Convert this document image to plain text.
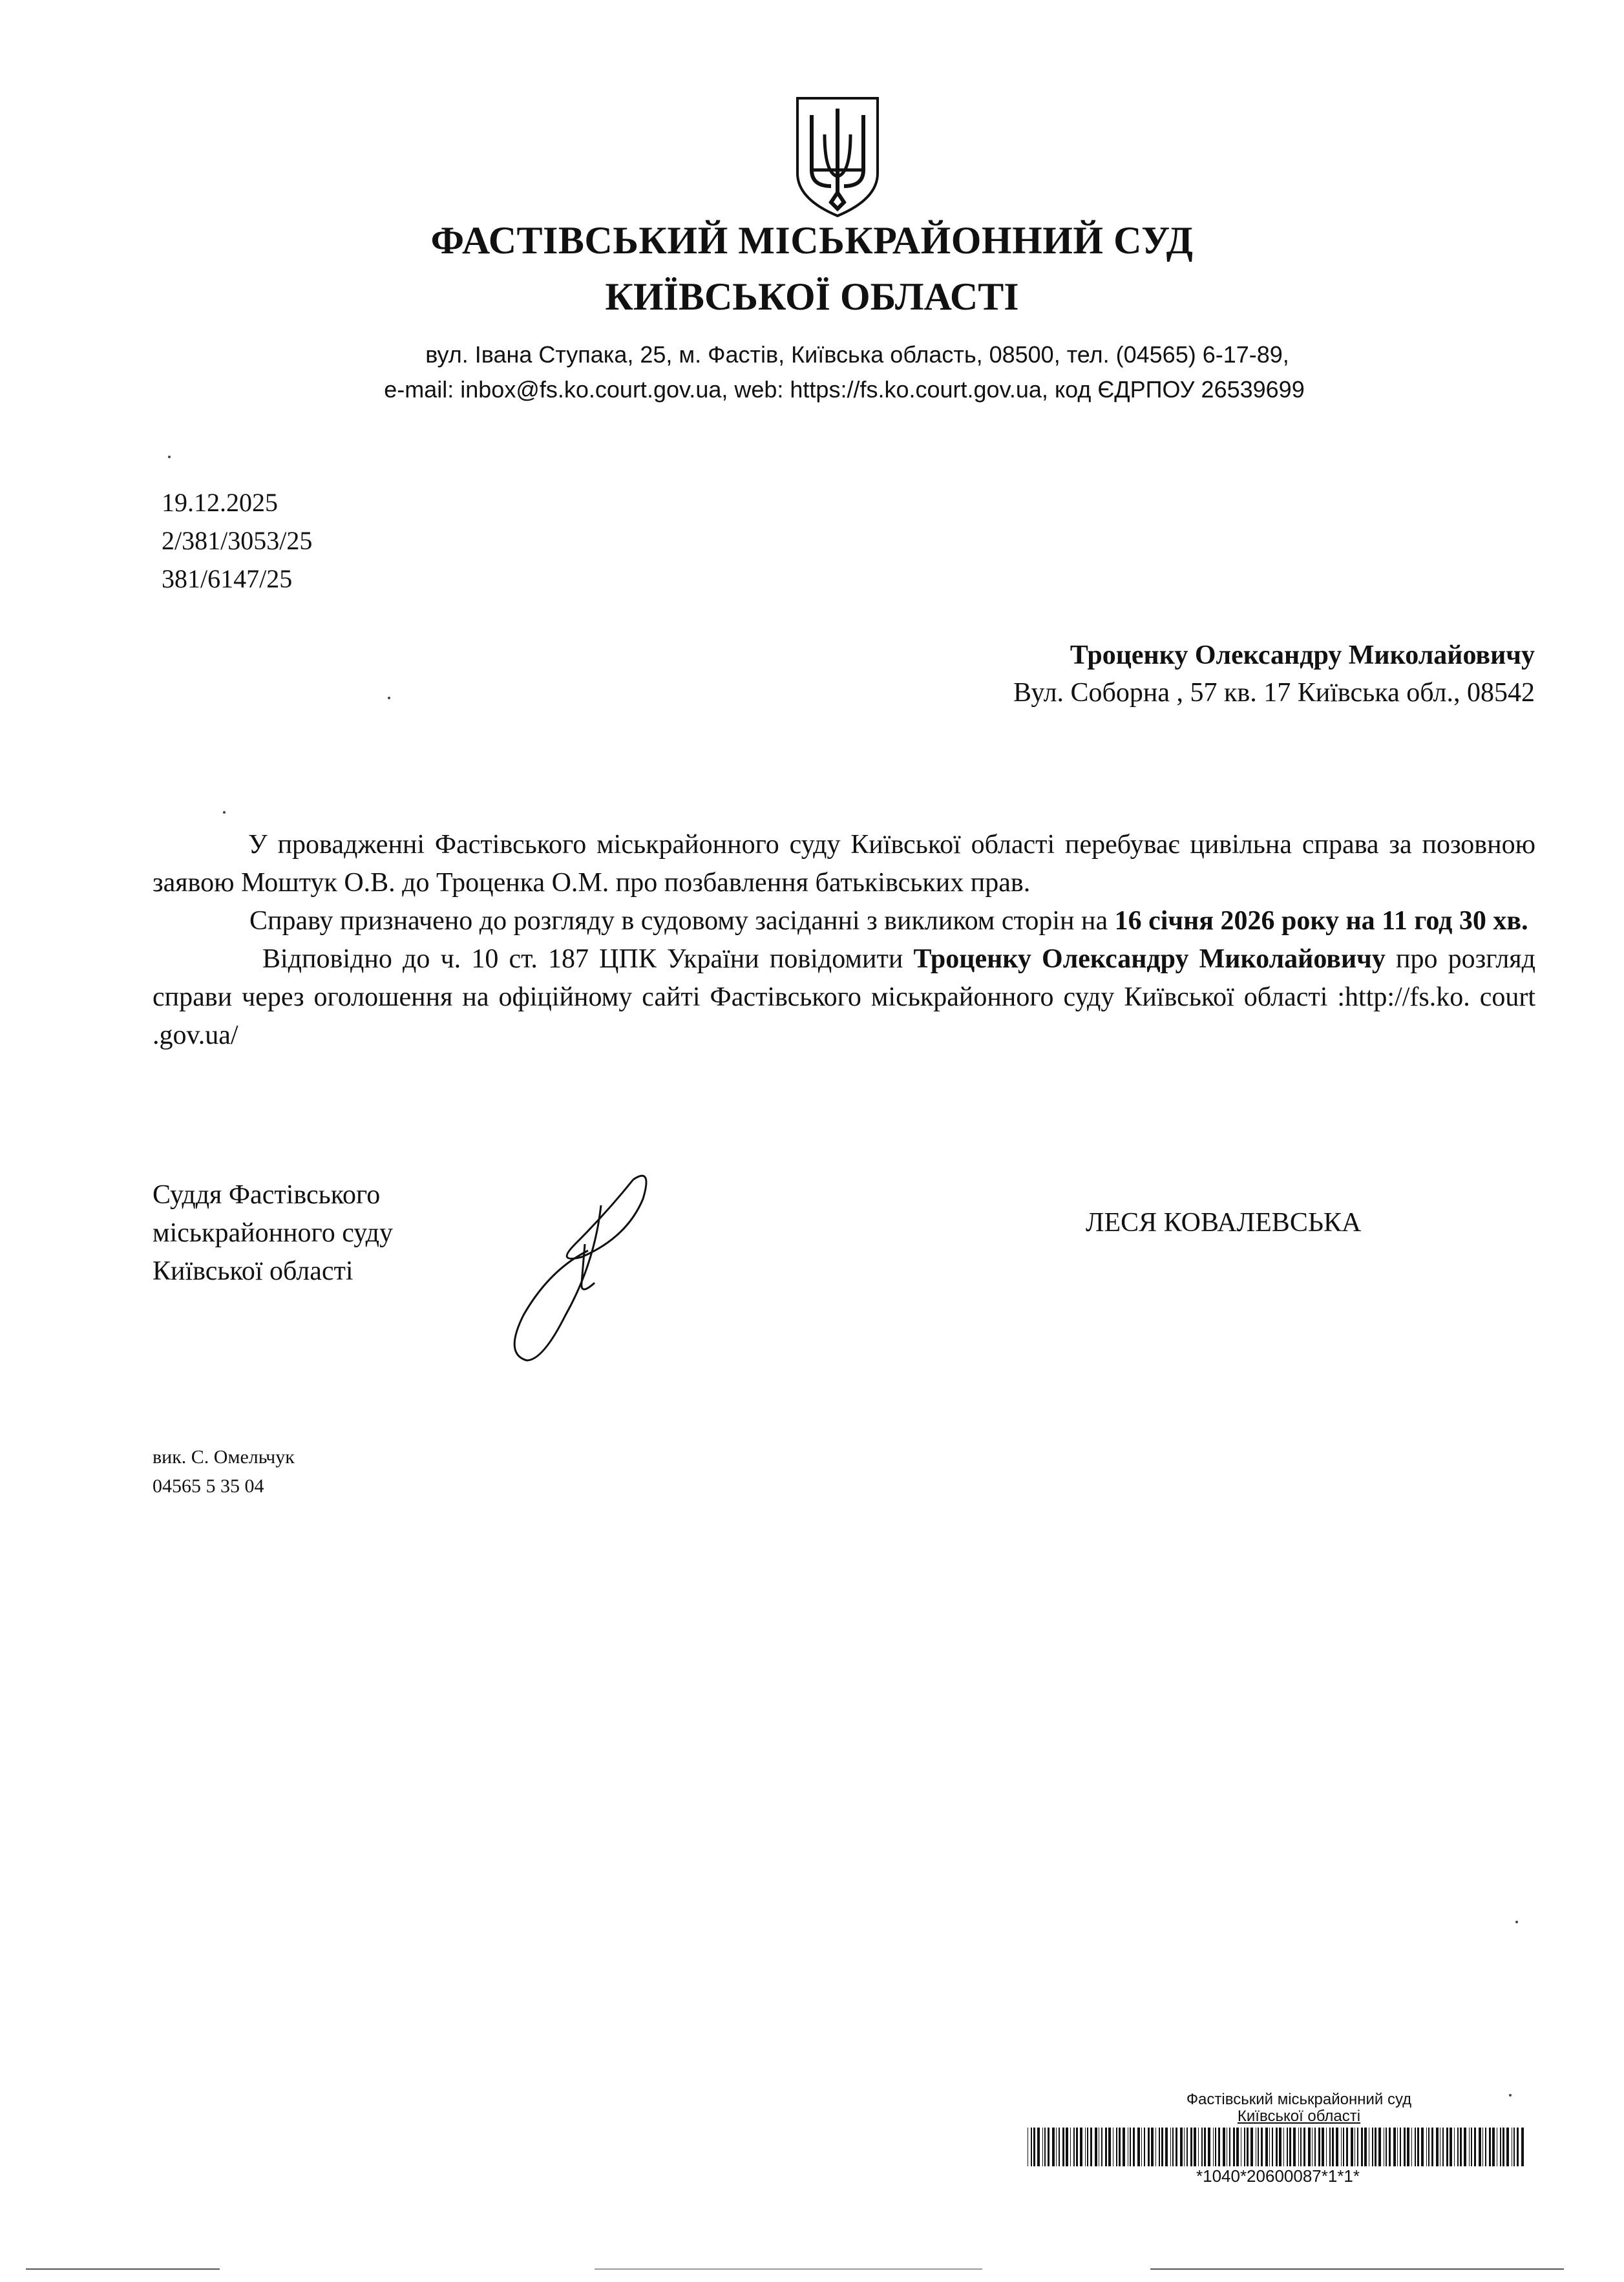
ФАСТІВСЬКИЙ МІСЬКРАЙОННИЙ СУД
КИЇВСЬКОЇ ОБЛАСТІ
вул. Івана Ступака, 25, м. Фастів, Київська область, 08500, тел. (04565) 6-17-89,
e-mail: inbox@fs.ko.court.gov.ua, web: https://fs.ko.court.gov.ua, код ЄДРПОУ 26539699
19.12.2025
2/381/3053/25
381/6147/25
Троценку Олександру Миколайовичу
Вул. Соборна , 57 кв. 17 Київська обл., 08542

У провадженні Фастівського міськрайонного суду Київської області перебуває цивільна справа за позовною заявою Моштук О.В. до Троценка О.М. про позбавлення батьківських прав.

Справу призначено до розгляду в судовому засіданні з викликом сторін на 16 січня 2026 року на 11 год 30 хв.

Відповідно до ч. 10 ст. 187 ЦПК України повідомити Троценку Олександру Миколайовичу про розгляд справи через оголошення на офіційному сайті Фастівського міськрайонного суду Київської області :http://fs.ko. court .gov.ua/

Суддя Фастівського
міськрайонного суду
Київської області
ЛЕСЯ КОВАЛЕВСЬКА
вик. С. Омельчук
04565 5 35 04
Фастівський міськрайонний суд
Київської області
*1040*20600087*1*1*
